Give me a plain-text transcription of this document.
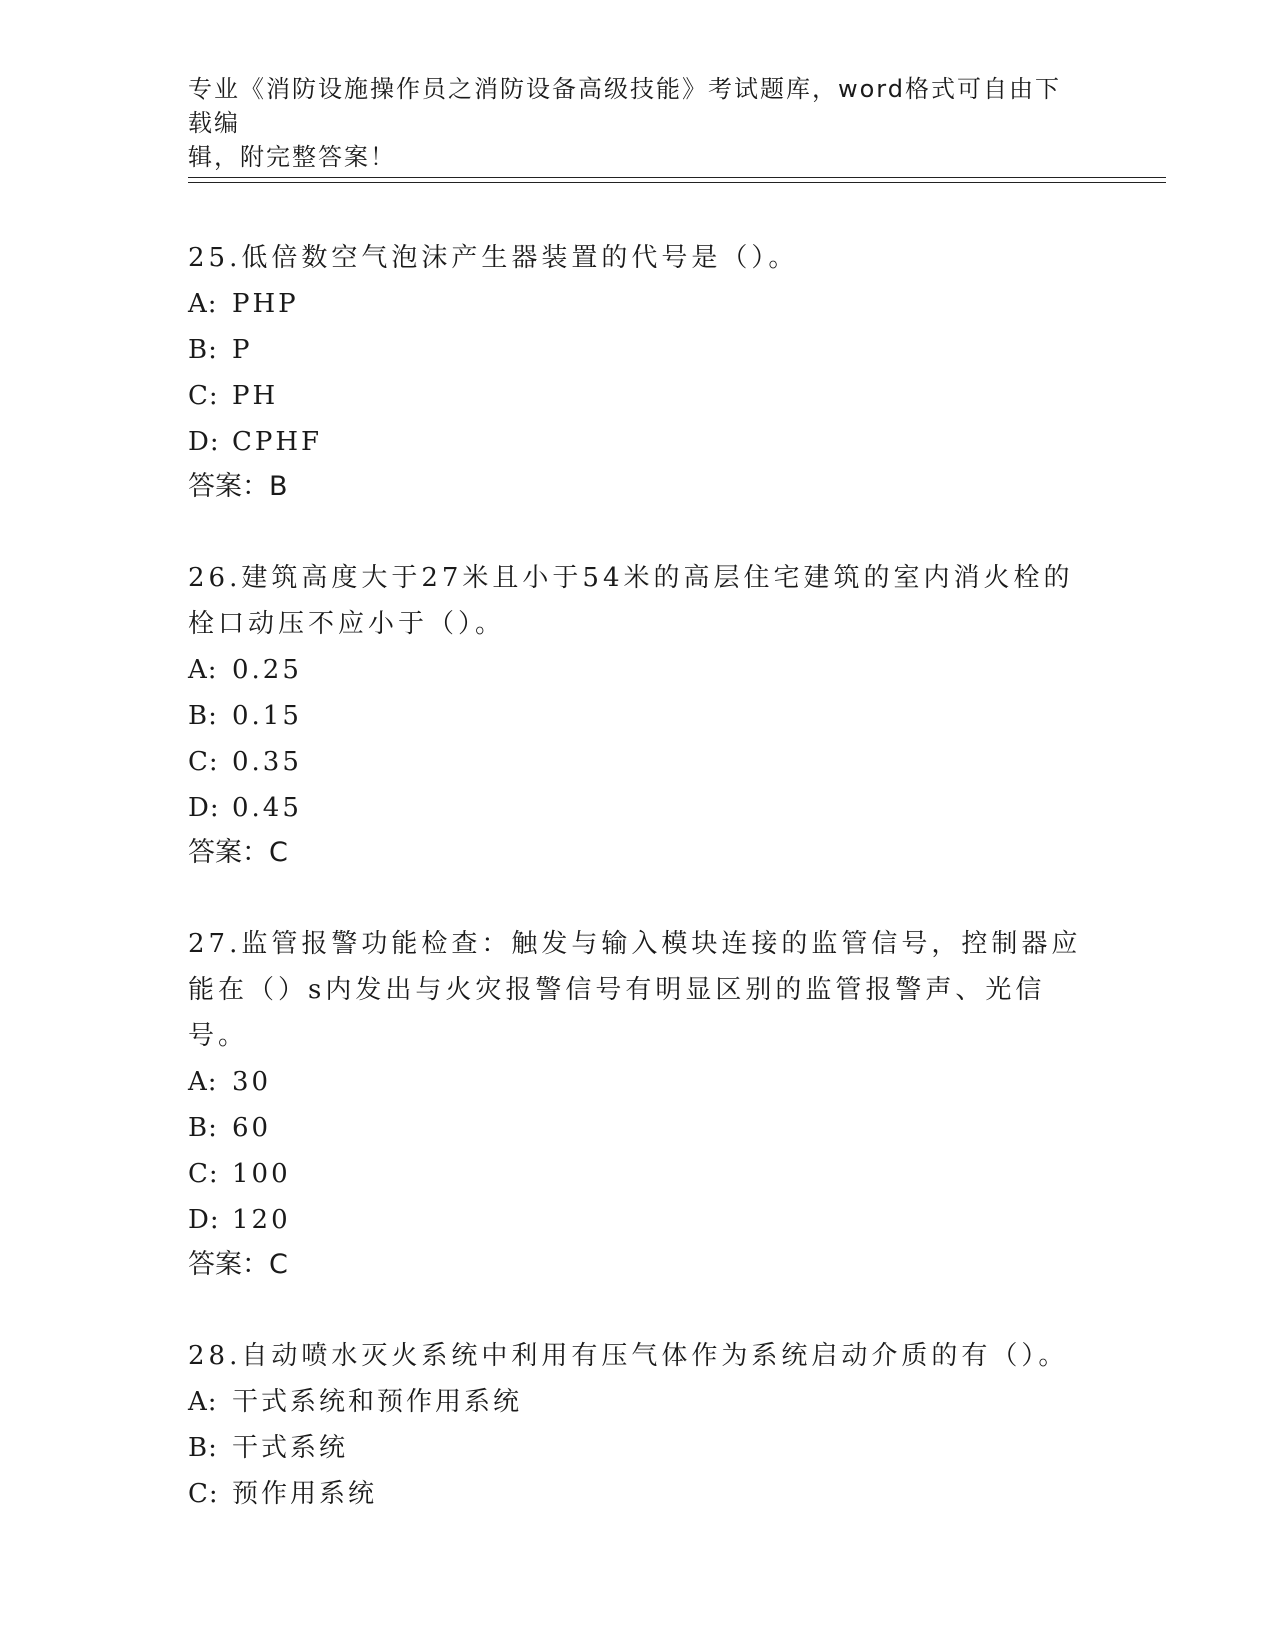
专业《消防设施操作员之消防设备高级技能》考试题库，word格式可自由下载编
辑，附完整答案！

25.低倍数空气泡沫产生器装置的代号是（）。

A: PHP

B: P

C: PH

D: CPHF

答案：B

26.建筑高度大于27米且小于54米的高层住宅建筑的室内消火栓的栓口动压不应小于（）。

A: 0.25

B: 0.15

C: 0.35

D: 0.45

答案：C

27.监管报警功能检查：触发与输入模块连接的监管信号，控制器应能在（）s内发出与火灾报警信号有明显区别的监管报警声、光信号。

A: 30

B: 60

C: 100

D: 120

答案：C

28.自动喷水灭火系统中利用有压气体作为系统启动介质的有（）。

A: 干式系统和预作用系统

B: 干式系统

C: 预作用系统
